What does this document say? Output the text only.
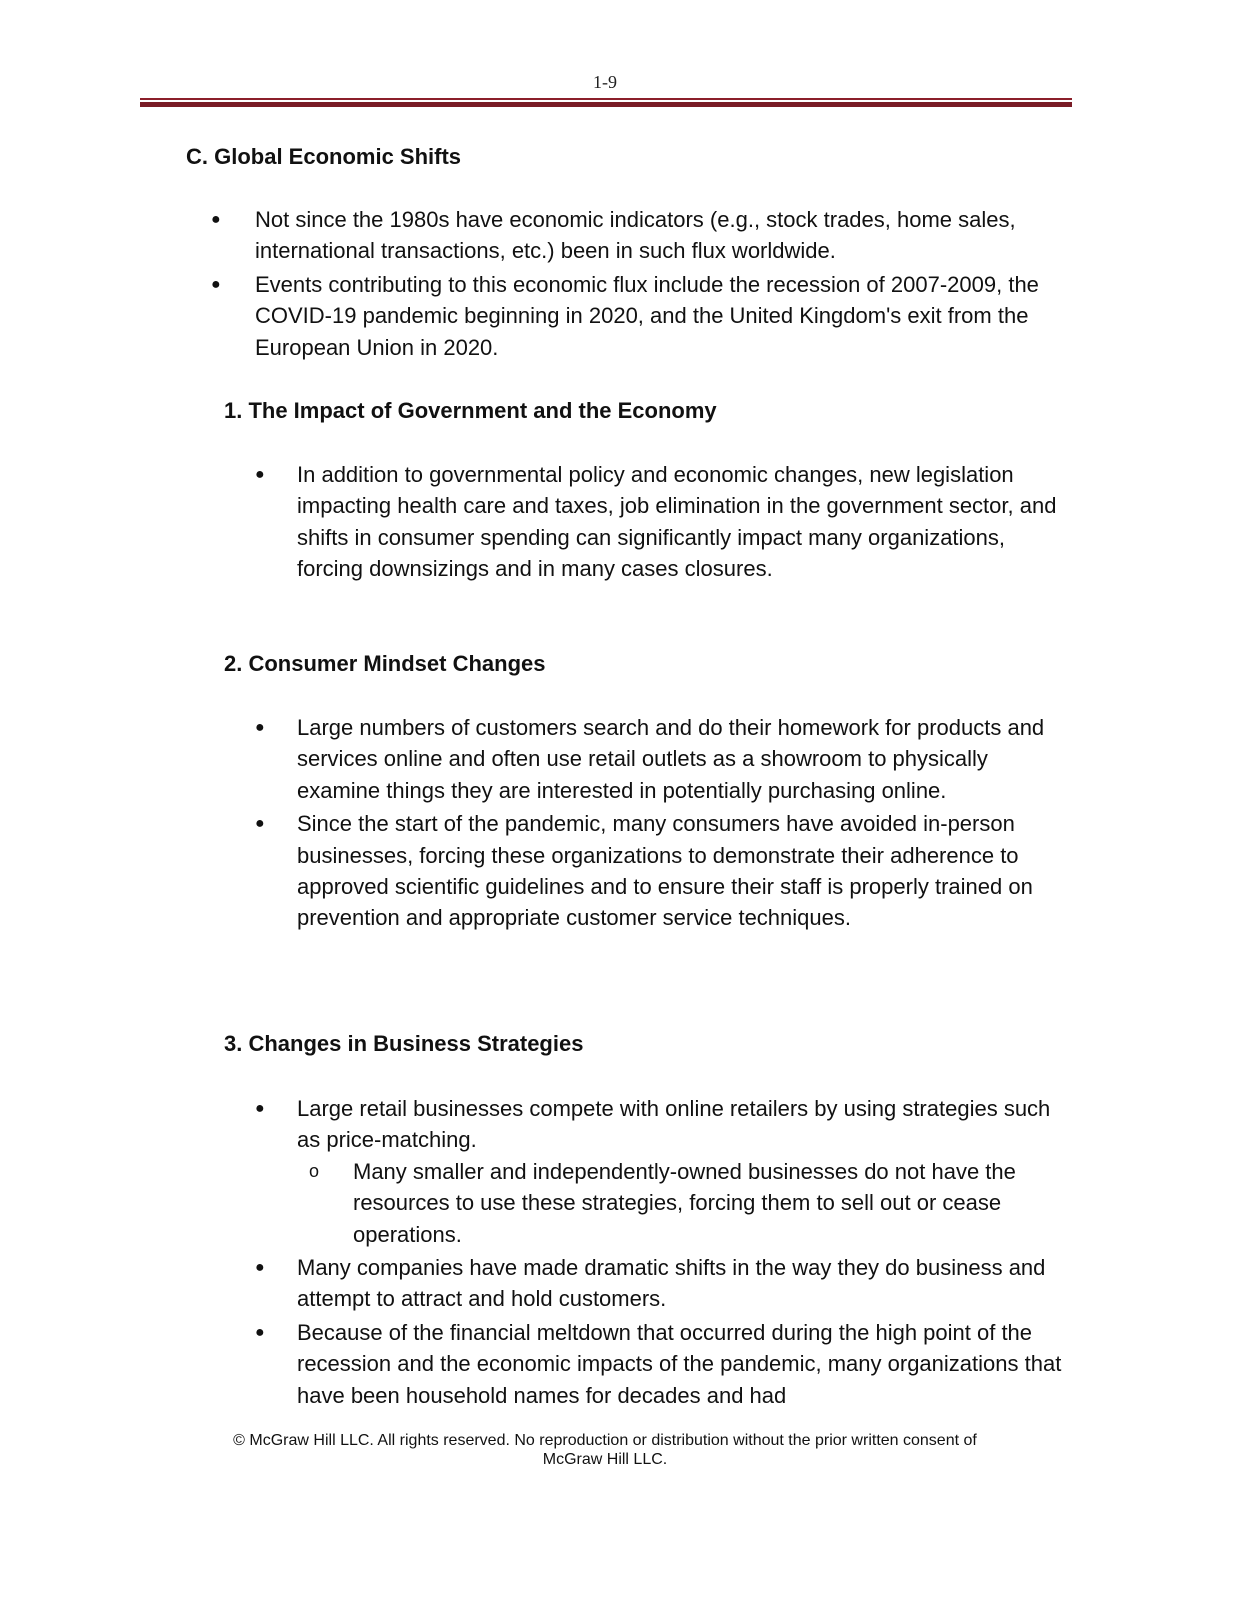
1-9
C. Global Economic Shifts
● Not since the 1980s have economic indicators (e.g., stock trades, home sales, international transactions, etc.) been in such flux worldwide.
● Events contributing to this economic flux include the recession of 2007-2009, the COVID-19 pandemic beginning in 2020, and the United Kingdom's exit from the European Union in 2020.
1. The Impact of Government and the Economy
● In addition to governmental policy and economic changes, new legislation impacting health care and taxes, job elimination in the government sector, and shifts in consumer spending can significantly impact many organizations, forcing downsizings and in many cases closures.
2. Consumer Mindset Changes
● Large numbers of customers search and do their homework for products and services online and often use retail outlets as a showroom to physically examine things they are interested in potentially purchasing online.
● Since the start of the pandemic, many consumers have avoided in-person businesses, forcing these organizations to demonstrate their adherence to approved scientific guidelines and to ensure their staff is properly trained on prevention and appropriate customer service techniques.
3. Changes in Business Strategies
● Large retail businesses compete with online retailers by using strategies such as price-matching.
o Many smaller and independently-owned businesses do not have the resources to use these strategies, forcing them to sell out or cease operations.
● Many companies have made dramatic shifts in the way they do business and attempt to attract and hold customers.
● Because of the financial meltdown that occurred during the high point of the recession and the economic impacts of the pandemic, many organizations that have been household names for decades and had
© McGraw Hill LLC. All rights reserved. No reproduction or distribution without the prior written consent of
McGraw Hill LLC.
